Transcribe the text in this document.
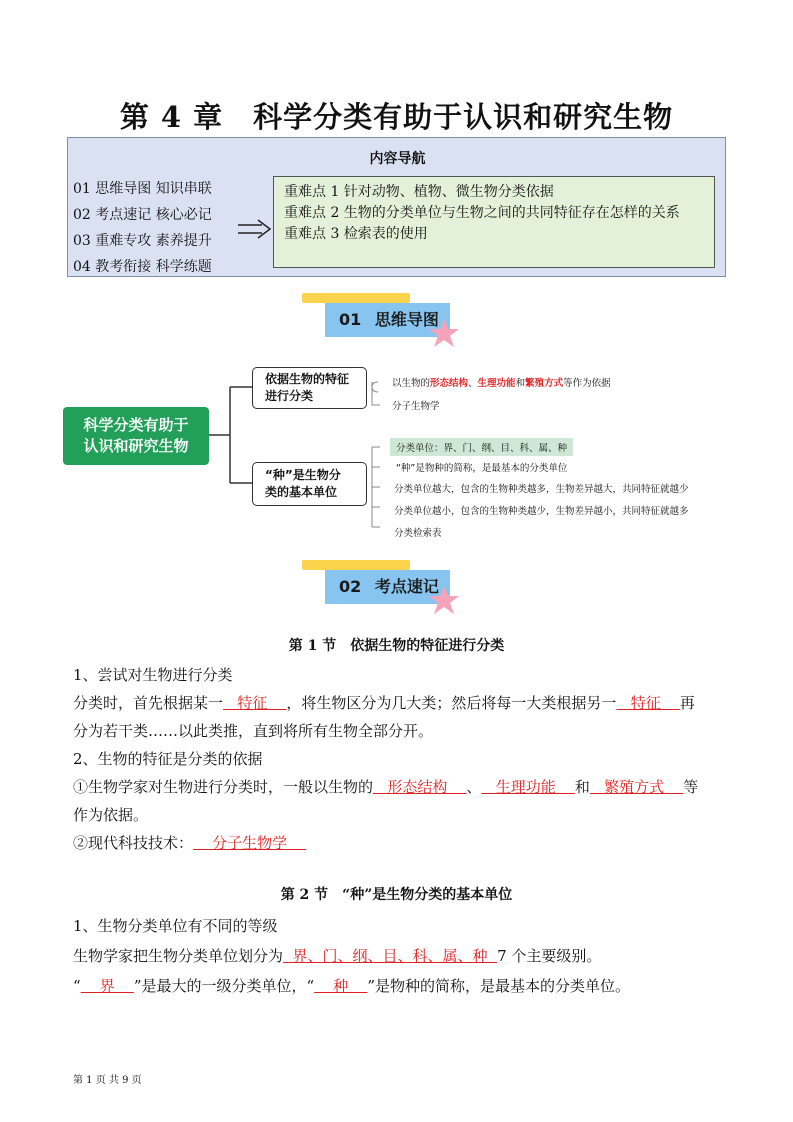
第 4 章　科学分类有助于认识和研究生物
内容导航
01 思维导图 知识串联
02 考点速记 核心必记
03 重难专攻 素养提升
04 教考衔接 科学练题
重难点 1 针对动物、植物、微生物分类依据
重难点 2 生物的分类单位与生物之间的共同特征存在怎样的关系
重难点 3 检索表的使用
01 思维导图
科学分类有助于
认识和研究生物
依据生物的特征
进行分类
“种”是生物分
类的基本单位
以生物的形态结构、生理功能和繁殖方式等作为依据
分子生物学
分类单位：界、门、纲、目、科、属、种
“种”是物种的简称，是最基本的分类单位
分类单位越大，包含的生物种类越多，生物差异越大，共同特征就越少
分类单位越小，包含的生物种类越少，生物差异越小，共同特征就越多
分类检索表
02 考点速记
第 1 节　依据生物的特征进行分类
1、尝试对生物进行分类
分类时，首先根据某一   特征    ，将生物区分为几大类；然后将每一大类根据另一   特征    再
分为若干类……以此类推，直到将所有生物全部分开。
2、生物的特征是分类的依据
①生物学家对生物进行分类时，一般以生物的   形态结构    、   生理功能    和   繁殖方式    等
作为依据。
②现代科技技术：    分子生物学
第 2 节　“种”是生物分类的基本单位
1、生物分类单位有不同的等级
生物学家把生物分类单位划分为  界、门、纲、目、科、属、种  7 个主要级别。
“    界    ”是最大的一级分类单位，“    种    ”是物种的简称，是最基本的分类单位。
第 1 页 共 9 页
